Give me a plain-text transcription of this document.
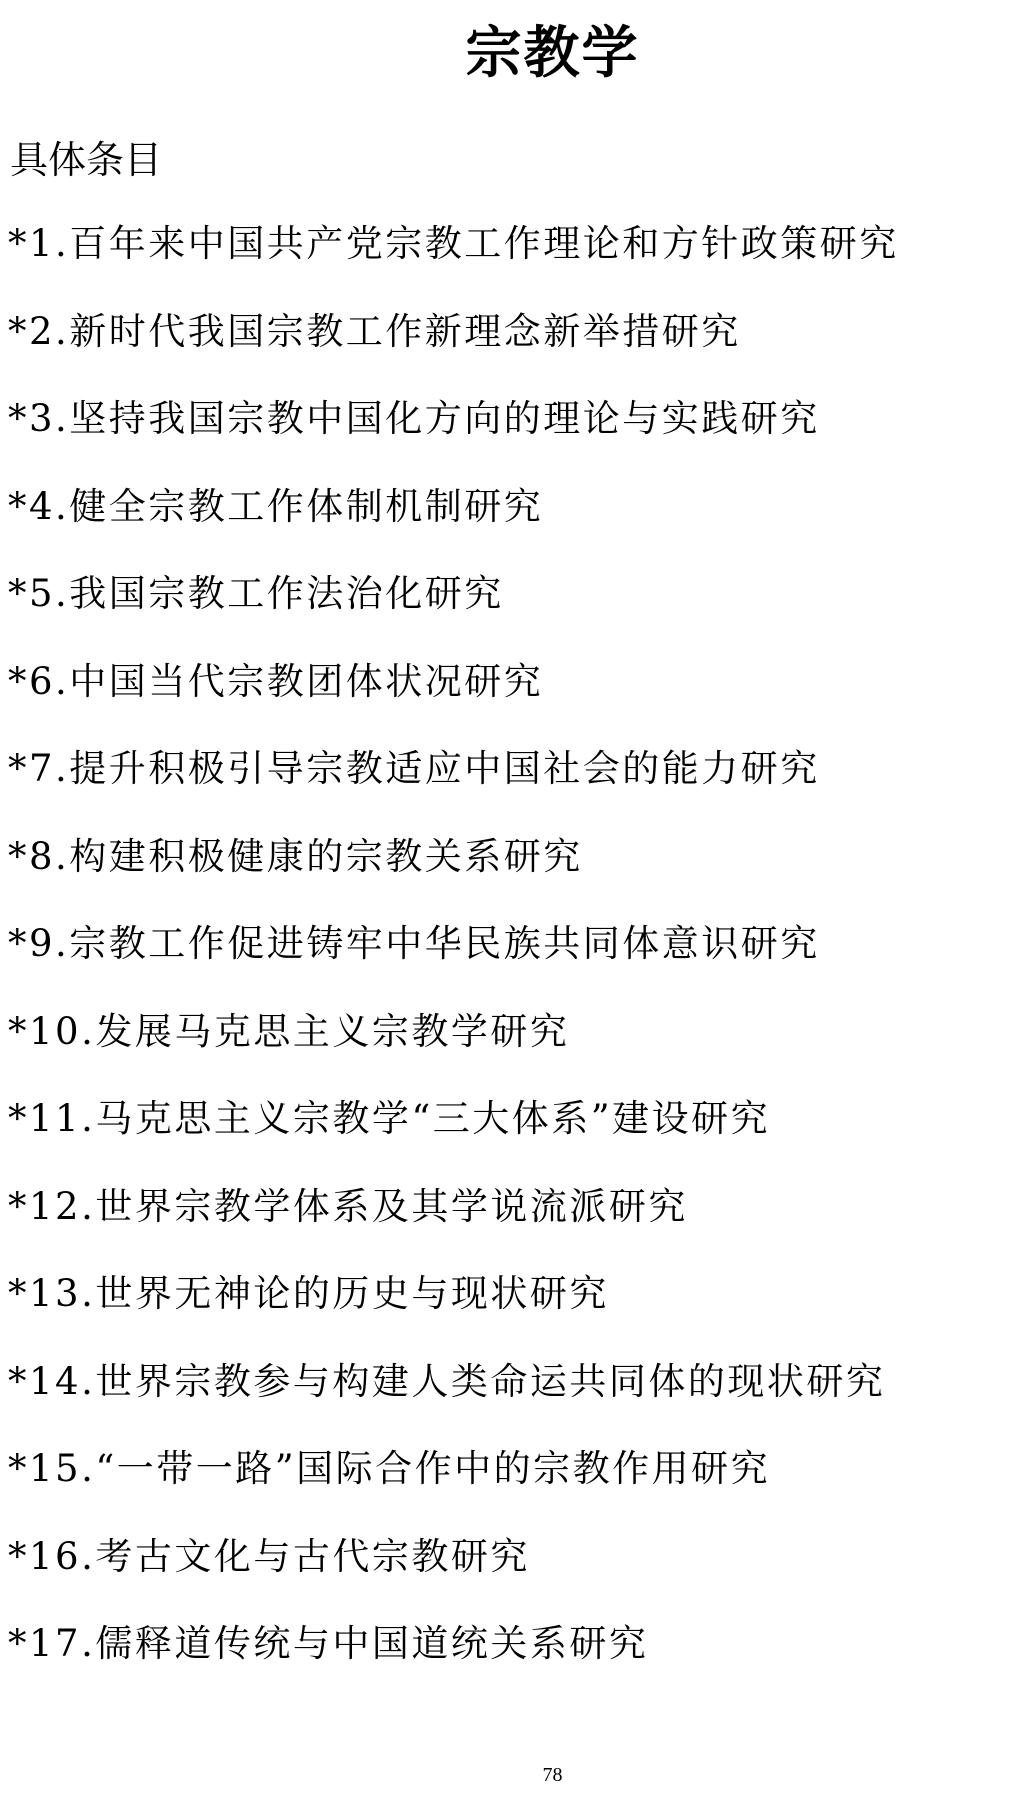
宗教学
具体条目
*1.百年来中国共产党宗教工作理论和方针政策研究
*2.新时代我国宗教工作新理念新举措研究
*3.坚持我国宗教中国化方向的理论与实践研究
*4.健全宗教工作体制机制研究
*5.我国宗教工作法治化研究
*6.中国当代宗教团体状况研究
*7.提升积极引导宗教适应中国社会的能力研究
*8.构建积极健康的宗教关系研究
*9.宗教工作促进铸牢中华民族共同体意识研究
*10.发展马克思主义宗教学研究
*11.马克思主义宗教学“三大体系”建设研究
*12.世界宗教学体系及其学说流派研究
*13.世界无神论的历史与现状研究
*14.世界宗教参与构建人类命运共同体的现状研究
*15.“一带一路”国际合作中的宗教作用研究
*16.考古文化与古代宗教研究
*17.儒释道传统与中国道统关系研究
78
